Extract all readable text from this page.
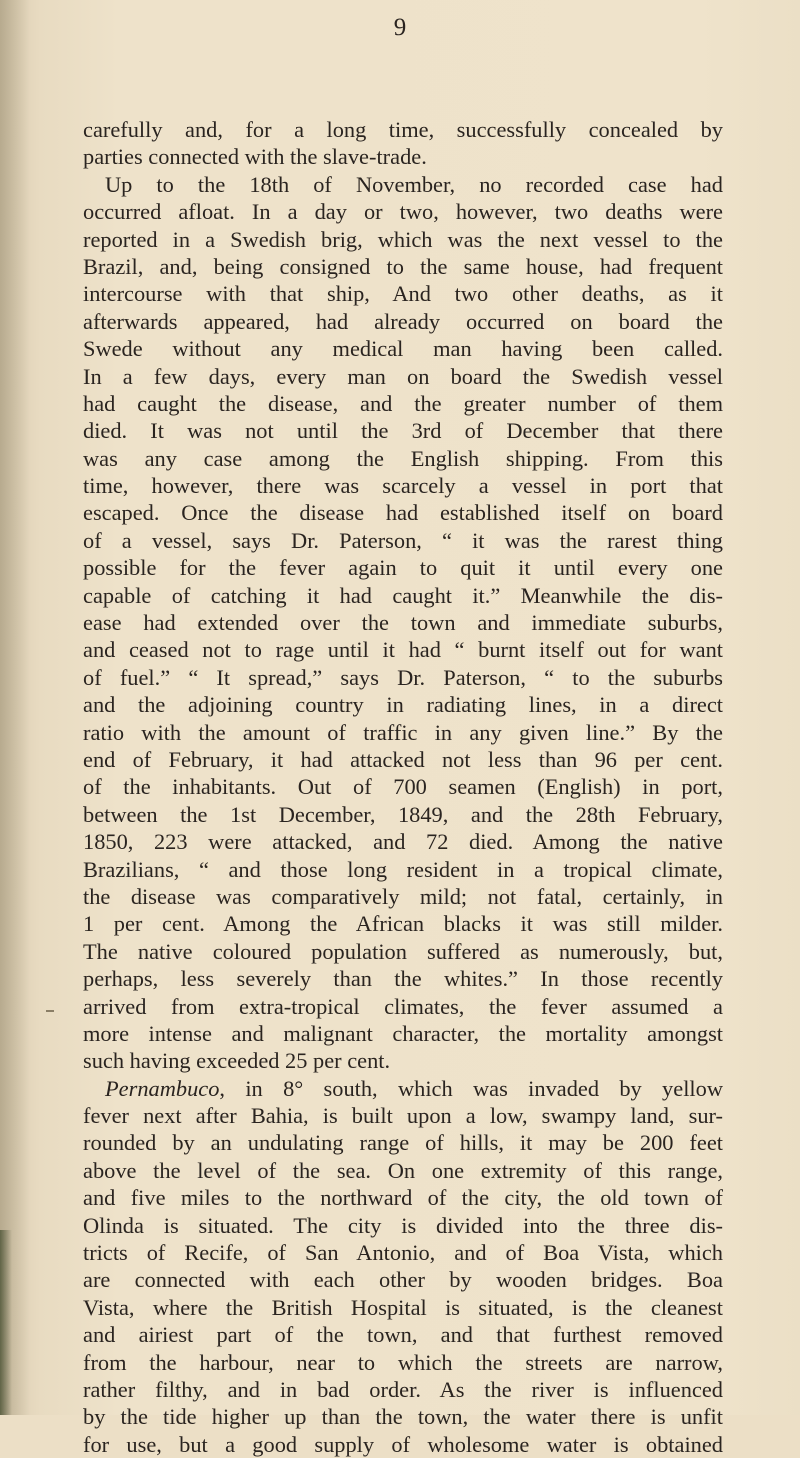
9
carefully and, for a long time, successfully concealed by
parties connected with the slave-trade.
Up to the 18th of November, no recorded case had
occurred afloat. In a day or two, however, two deaths were
reported in a Swedish brig, which was the next vessel to the
Brazil, and, being consigned to the same house, had frequent
intercourse with that ship, And two other deaths, as it
afterwards appeared, had already occurred on board the
Swede without any medical man having been called.
In a few days, every man on board the Swedish vessel
had caught the disease, and the greater number of them
died. It was not until the 3rd of December that there
was any case among the English shipping. From this
time, however, there was scarcely a vessel in port that
escaped. Once the disease had established itself on board
of a vessel, says Dr. Paterson, “ it was the rarest thing
possible for the fever again to quit it until every one
capable of catching it had caught it.” Meanwhile the dis-
ease had extended over the town and immediate suburbs,
and ceased not to rage until it had “ burnt itself out for want
of fuel.” “ It spread,” says Dr. Paterson, “ to the suburbs
and the adjoining country in radiating lines, in a direct
ratio with the amount of traffic in any given line.” By the
end of February, it had attacked not less than 96 per cent.
of the inhabitants. Out of 700 seamen (English) in port,
between the 1st December, 1849, and the 28th February,
1850, 223 were attacked, and 72 died. Among the native
Brazilians, “ and those long resident in a tropical climate,
the disease was comparatively mild; not fatal, certainly, in
1 per cent. Among the African blacks it was still milder.
The native coloured population suffered as numerously, but,
perhaps, less severely than the whites.” In those recently
arrived from extra-tropical climates, the fever assumed a
more intense and malignant character, the mortality amongst
such having exceeded 25 per cent.
Pernambuco, in 8° south, which was invaded by yellow
fever next after Bahia, is built upon a low, swampy land, sur-
rounded by an undulating range of hills, it may be 200 feet
above the level of the sea. On one extremity of this range,
and five miles to the northward of the city, the old town of
Olinda is situated. The city is divided into the three dis-
tricts of Recife, of San Antonio, and of Boa Vista, which
are connected with each other by wooden bridges. Boa
Vista, where the British Hospital is situated, is the cleanest
and airiest part of the town, and that furthest removed
from the harbour, near to which the streets are narrow,
rather filthy, and in bad order. As the river is influenced
by the tide higher up than the town, the water there is unfit
for use, but a good supply of wholesome water is obtained
